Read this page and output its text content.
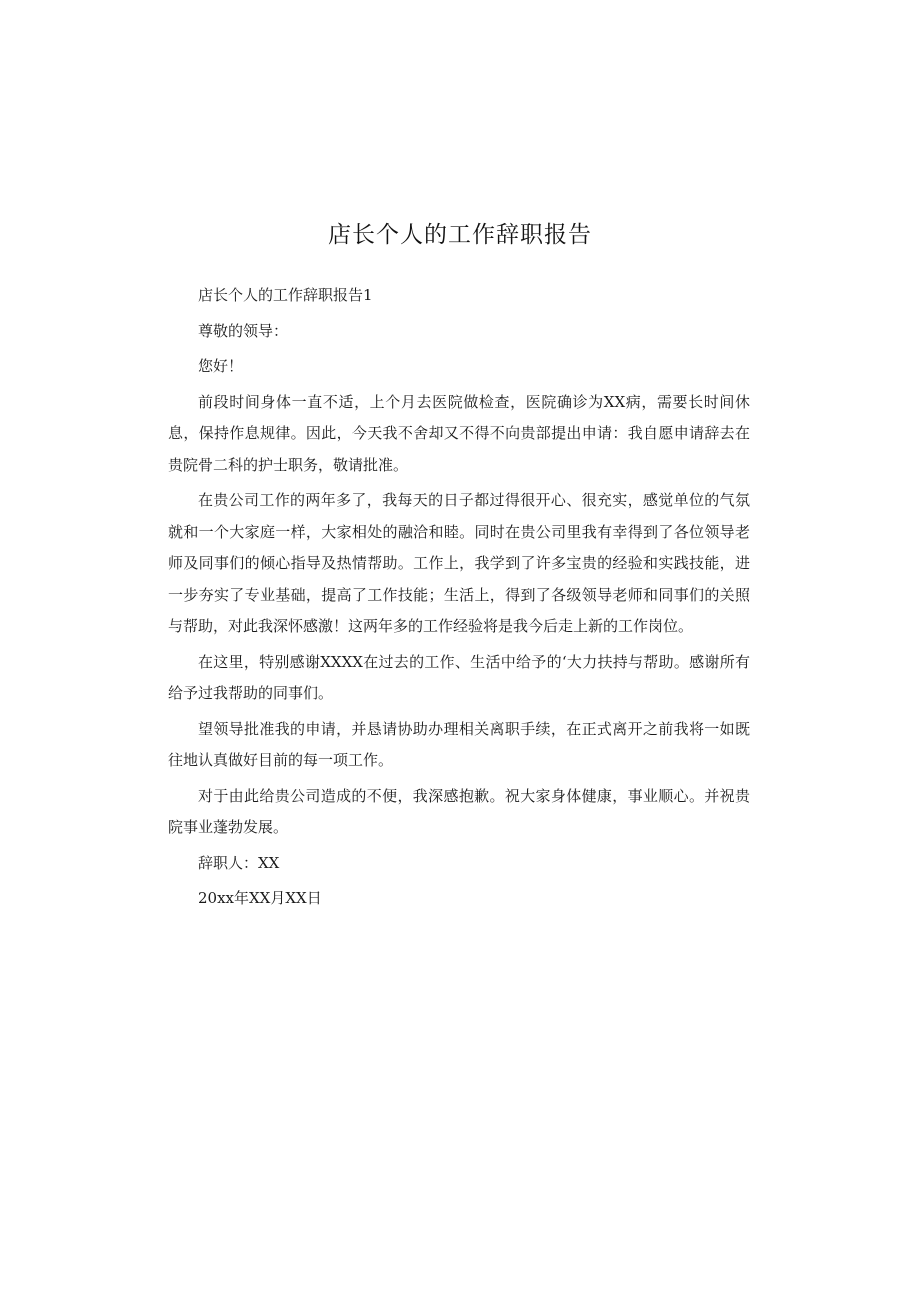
店长个人的工作辞职报告

店长个人的工作辞职报告1

尊敬的领导：

您好！

前段时间身体一直不适，上个月去医院做检查，医院确诊为XX病，需要长时间休息，保持作息规律。因此，今天我不舍却又不得不向贵部提出申请：我自愿申请辞去在贵院骨二科的护士职务，敬请批准。

在贵公司工作的两年多了，我每天的日子都过得很开心、很充实，感觉单位的气氛就和一个大家庭一样，大家相处的融洽和睦。同时在贵公司里我有幸得到了各位领导老师及同事们的倾心指导及热情帮助。工作上，我学到了许多宝贵的经验和实践技能，进一步夯实了专业基础，提高了工作技能；生活上，得到了各级领导老师和同事们的关照与帮助，对此我深怀感激！这两年多的工作经验将是我今后走上新的工作岗位。

在这里，特别感谢XXXX在过去的工作、生活中给予的‘大力扶持与帮助。感谢所有给予过我帮助的同事们。

望领导批准我的申请，并恳请协助办理相关离职手续，在正式离开之前我将一如既往地认真做好目前的每一项工作。

对于由此给贵公司造成的不便，我深感抱歉。祝大家身体健康，事业顺心。并祝贵院事业蓬勃发展。

辞职人：XX

20xx年XX月XX日
